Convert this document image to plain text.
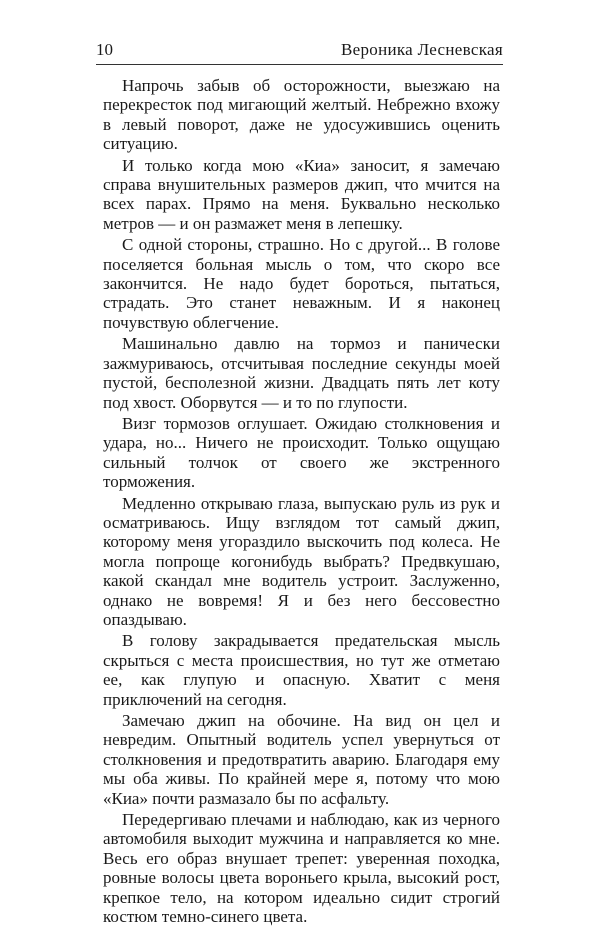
10	Вероника Лесневская

Напрочь забыв об осторожности, выезжаю на перекресток под мигающий желтый. Небрежно вхожу в левый поворот, даже не удосужившись оценить ситуацию.

И только когда мою «Киа» заносит, я замечаю справа внушительных размеров джип, что мчится на всех парах. Прямо на меня. Буквально несколько метров — и он размажет меня в лепешку.

С одной стороны, страшно. Но с другой... В голове поселяется больная мысль о том, что скоро все закончится. Не надо будет бороться, пытаться, страдать. Это станет неважным. И я наконец почувствую облегчение.

Машинально давлю на тормоз и панически зажмуриваюсь, отсчитывая последние секунды моей пустой, бесполезной жизни. Двадцать пять лет коту под хвост. Оборвутся — и то по глупости.

Визг тормозов оглушает. Ожидаю столкновения и удара, но... Ничего не происходит. Только ощущаю сильный толчок от своего же экстренного торможения.

Медленно открываю глаза, выпускаю руль из рук и осматриваюсь. Ищу взглядом тот самый джип, которому меня угораздило выскочить под колеса. Не могла попроще когонибудь выбрать? Предвкушаю, какой скандал мне водитель устроит. Заслуженно, однако не вовремя! Я и без него бессовестно опаздываю.

В голову закрадывается предательская мысль скрыться с места происшествия, но тут же отметаю ее, как глупую и опасную. Хватит с меня приключений на сегодня.

Замечаю джип на обочине. На вид он цел и невредим. Опытный водитель успел увернуться от столкновения и предотвратить аварию. Благодаря ему мы оба живы. По крайней мере я, потому что мою «Киа» почти размазало бы по асфальту.

Передергиваю плечами и наблюдаю, как из черного автомобиля выходит мужчина и направляется ко мне. Весь его образ внушает трепет: уверенная походка, ровные волосы цвета вороньего крыла, высокий рост, крепкое тело, на котором идеально сидит строгий костюм темно-синего цвета.
